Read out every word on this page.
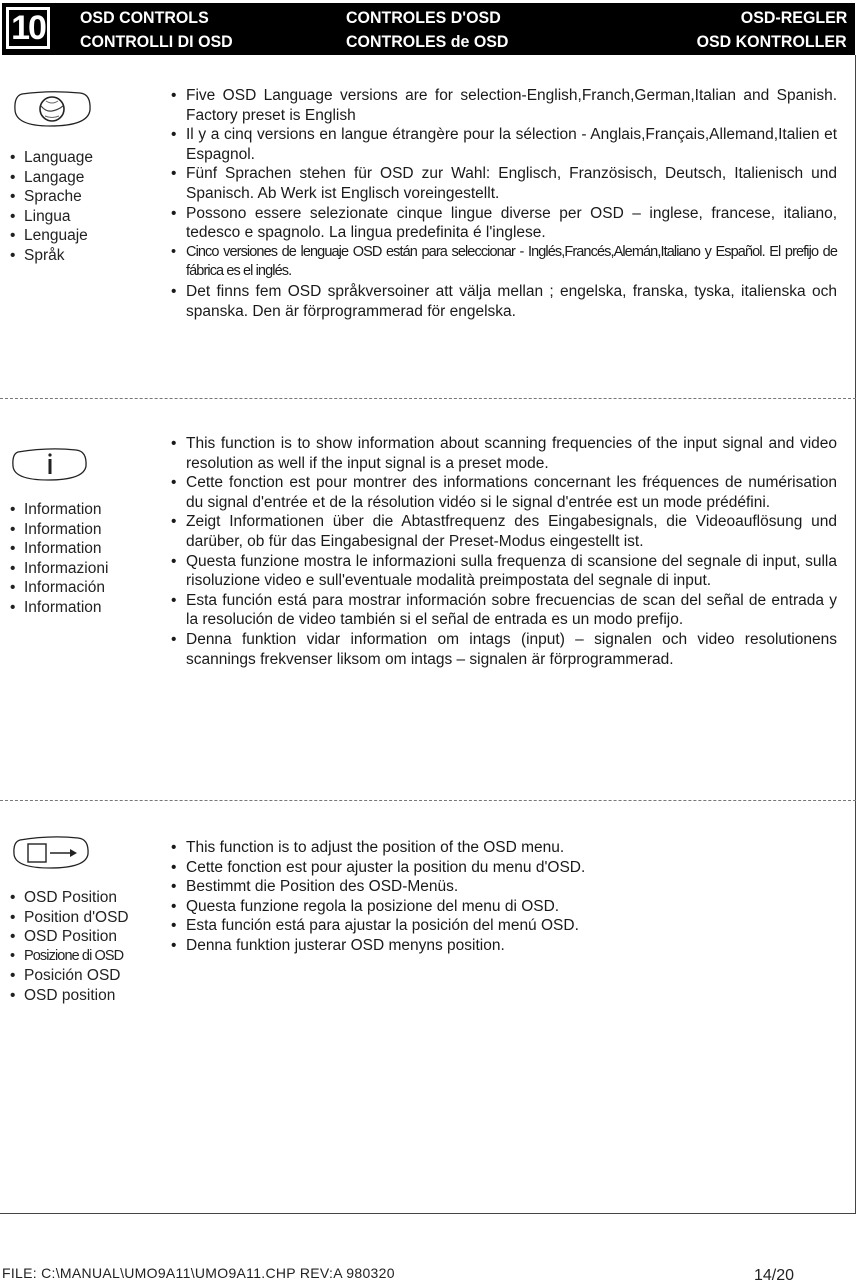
10 OSD CONTROLS
CONTROLLI DI OSD
CONTROLES D'OSD
CONTROLES de OSD
OSD-REGLER
OSD KONTROLLER
• Language
• Langage
• Sprache
• Lingua
• Lenguaje
• Språk
• Five OSD Language versions are for selection-English,Franch,German,Italian and Spanish. Factory preset is English
• Il y a cinq versions en langue étrangère pour la sélection - Anglais,Français,Allemand,Italien et Espagnol.
• Fünf Sprachen stehen für OSD zur Wahl: Englisch, Französisch, Deutsch, Italienisch und Spanisch. Ab Werk ist Englisch voreingestellt.
• Possono essere selezionate cinque lingue diverse per OSD – inglese, francese, italiano, tedesco e spagnolo. La lingua predefinita é l'inglese.
• Cinco versiones de lenguaje OSD están para seleccionar - Inglés,Francés,Alemán,Italiano y Español. El prefijo de fábrica es el inglés.
• Det finns fem OSD språkversoiner att välja mellan ; engelska, franska, tyska, italienska och spanska. Den är förprogrammerad för engelska.
• Information
• Information
• Information
• Informazioni
• Información
• Information
• This function is to show information about scanning frequencies of the input signal and video resolution as well if the input signal is a preset mode.
• Cette fonction est pour montrer des informations concernant les fréquences de numérisation du signal d'entrée et de la résolution vidéo si le signal d'entrée est un mode prédéfini.
• Zeigt Informationen über die Abtastfrequenz des Eingabesignals, die Videoauflösung und darüber, ob für das Eingabesignal der Preset-Modus eingestellt ist.
• Questa funzione mostra le informazioni sulla frequenza di scansione del segnale di input, sulla risoluzione video e sull'eventuale modalità preimpostata del segnale di input.
• Esta función está para mostrar información sobre frecuencias de scan del señal de entrada y la resolución de video también si el señal de entrada es un modo prefijo.
• Denna funktion vidar information om intags (input) – signalen och video resolutionens scannings frekvenser liksom om intags – signalen är förprogrammerad.
• OSD Position
• Position d'OSD
• OSD Position
• Posizione di OSD
• Posición OSD
• OSD position
• This function is to adjust the position of the OSD menu.
• Cette fonction est pour ajuster la position du menu d'OSD.
• Bestimmt die Position des OSD-Menüs.
• Questa funzione regola la posizione del menu di OSD.
• Esta función está para ajustar la posición del menú OSD.
• Denna funktion justerar OSD menyns position.
FILE: C:\MANUAL\UMO9A11\UMO9A11.CHP REV:A 980320	14/20
